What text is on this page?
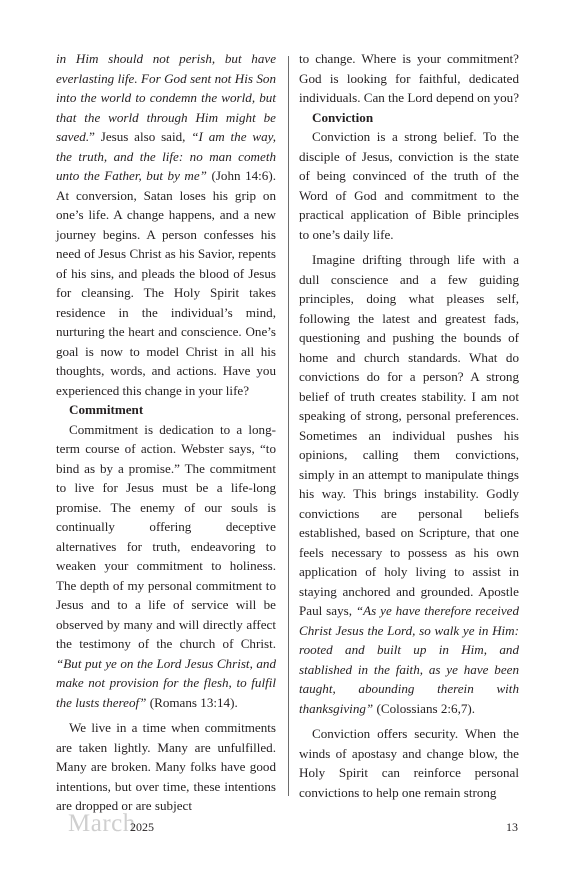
in Him should not perish, but have everlasting life. For God sent not His Son into the world to condemn the world, but that the world through Him might be saved.” Jesus also said, “I am the way, the truth, and the life: no man cometh unto the Father, but by me” (John 14:6). At conversion, Satan loses his grip on one’s life. A change happens, and a new journey begins. A person confesses his need of Jesus Christ as his Savior, repents of his sins, and pleads the blood of Jesus for cleansing. The Holy Spirit takes residence in the individual’s mind, nurturing the heart and conscience. One’s goal is now to model Christ in all his thoughts, words, and actions. Have you experienced this change in your life?

Commitment

Commitment is dedication to a long-term course of action. Webster says, “to bind as by a promise.” The commitment to live for Jesus must be a life-long promise. The enemy of our souls is continually offering deceptive alternatives for truth, endeavoring to weaken your commitment to holiness. The depth of my personal commitment to Jesus and to a life of service will be observed by many and will directly affect the testimony of the church of Christ. “But put ye on the Lord Jesus Christ, and make not provision for the flesh, to fulfil the lusts thereof” (Romans 13:14).

We live in a time when commitments are taken lightly. Many are unfulfilled. Many are broken. Many folks have good intentions, but over time, these intentions are dropped or are subject

to change. Where is your commitment? God is looking for faithful, dedicated individuals. Can the Lord depend on you?

Conviction

Conviction is a strong belief. To the disciple of Jesus, conviction is the state of being convinced of the truth of the Word of God and commitment to the practical application of Bible principles to one’s daily life.

Imagine drifting through life with a dull conscience and a few guiding principles, doing what pleases self, following the latest and greatest fads, questioning and pushing the bounds of home and church standards. What do convictions do for a person? A strong belief of truth creates stability. I am not speaking of strong, personal preferences. Sometimes an individual pushes his opinions, calling them convictions, simply in an attempt to manipulate things his way. This brings instability. Godly convictions are personal beliefs established, based on Scripture, that one feels necessary to possess as his own application of holy living to assist in staying anchored and grounded. Apostle Paul says, “As ye have therefore received Christ Jesus the Lord, so walk ye in Him: rooted and built up in Him, and stablished in the faith, as ye have been taught, abounding therein with thanksgiving” (Colossians 2:6,7).

Conviction offers security. When the winds of apostasy and change blow, the Holy Spirit can reinforce personal convictions to help one remain strong

March
2025	13
